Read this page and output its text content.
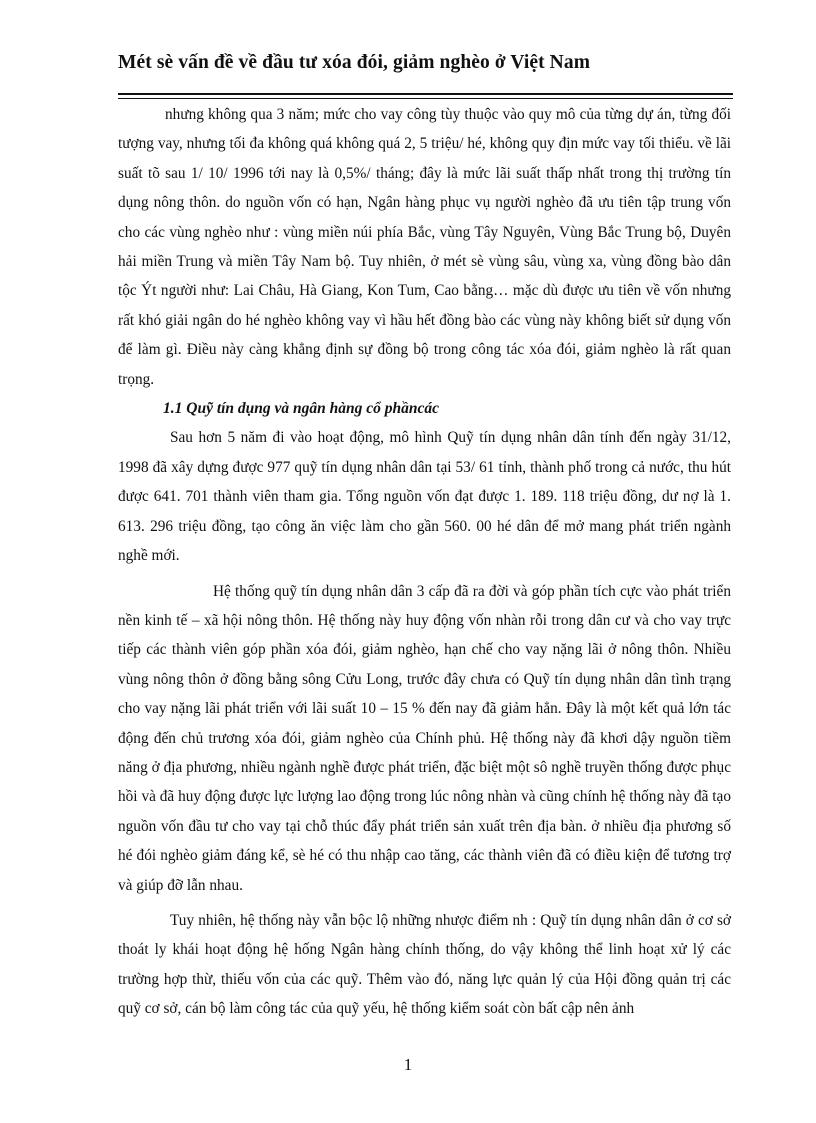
Mét sè vấn đề về đầu tư xóa đói, giảm nghèo ở Việt Nam

nhưng không qua 3 năm; mức cho vay công tùy thuộc vào quy mô của từng dự án, từng đối tượng vay, nhưng tối đa không quá không quá 2, 5 triệu/ hé, không quy địn mức vay tối thiểu. về lãi suất tõ sau 1/ 10/ 1996 tới nay là 0,5%/ tháng; đây là mức lãi suất thấp nhất trong thị trường tín dụng nông thôn. do nguồn vốn có hạn, Ngân hàng phục vụ người nghèo đã ưu tiên tập trung vốn cho các vùng nghèo như : vùng miền núi phía Bắc, vùng Tây Nguyên, Vùng Bắc Trung bộ, Duyên hải miền Trung và miền Tây Nam bộ. Tuy nhiên, ở mét sè vùng sâu, vùng xa, vùng đồng bào dân tộc Ýt người như: Lai Châu, Hà Giang, Kon Tum, Cao bằng… mặc dù được ưu tiên về vốn nhưng rất khó giải ngân do hé nghèo không vay vì hầu hết đồng bào các vùng này không biết sử dụng vốn để làm gì. Điều này càng khẳng định sự đồng bộ trong công tác xóa đói, giảm nghèo là rất quan trọng.

1.1 Quỹ tín dụng và ngân hàng cổ phầncác

Sau hơn 5 năm đi vào hoạt động, mô hình Quỹ tín dụng nhân dân tính đến ngày 31/12, 1998 đã xây dựng được 977 quỹ tín dụng nhân dân tại 53/ 61 tỉnh, thành phố trong cả nước, thu hút được 641. 701 thành viên tham gia. Tổng nguồn vốn đạt được 1. 189. 118 triệu đồng, dư nợ là 1. 613. 296 triệu đồng, tạo công ăn việc làm cho gần 560. 00 hé dân để mở mang phát triển ngành nghề mới.

Hệ thống quỹ tín dụng nhân dân 3 cấp đã ra đời và góp phần tích cực vào phát triển nền kinh tế – xã hội nông thôn. Hệ thống này huy động vốn nhàn rỗi trong dân cư và cho vay trực tiếp các thành viên góp phần xóa đói, giảm nghèo, hạn chế cho vay nặng lãi ở nông thôn. Nhiều vùng nông thôn ở đồng bằng sông Cửu Long, trước đây chưa có Quỹ tín dụng nhân dân tình trạng cho vay nặng lãi phát triển với lãi suất 10 – 15 % đến nay đã giảm hẳn. Đây là một kết quả lớn tác động đến chủ trương xóa đói, giảm nghèo của Chính phủ. Hệ thống này đã khơi dậy nguồn tiềm năng ở địa phương, nhiều ngành nghề được phát triển, đặc biệt một sô nghề truyền thống được phục hồi và đã huy động được lực lượng lao động trong lúc nông nhàn và cũng chính hệ thống này đã tạo nguồn vốn đầu tư cho vay tại chỗ thúc đẩy phát triển sản xuất trên địa bàn. ở nhiều địa phương số hé đói nghèo giảm đáng kể, sè hé có thu nhập cao tăng, các thành viên đã có điều kiện để tương trợ và giúp đỡ lẫn nhau.

Tuy nhiên, hệ thống này vẫn bộc lộ những nhược điểm nh : Quỹ tín dụng nhân dân ở cơ sở thoát ly khái hoạt động hệ hống Ngân hàng chính thống, do vậy không thể linh hoạt xử lý các trường hợp thừ, thiếu vốn của các quỹ. Thêm vào đó, năng lực quản lý của Hội đồng quản trị các quỹ cơ sở, cán bộ làm công tác của quỹ yếu, hệ thống kiểm soát còn bất cập nên ảnh

1
